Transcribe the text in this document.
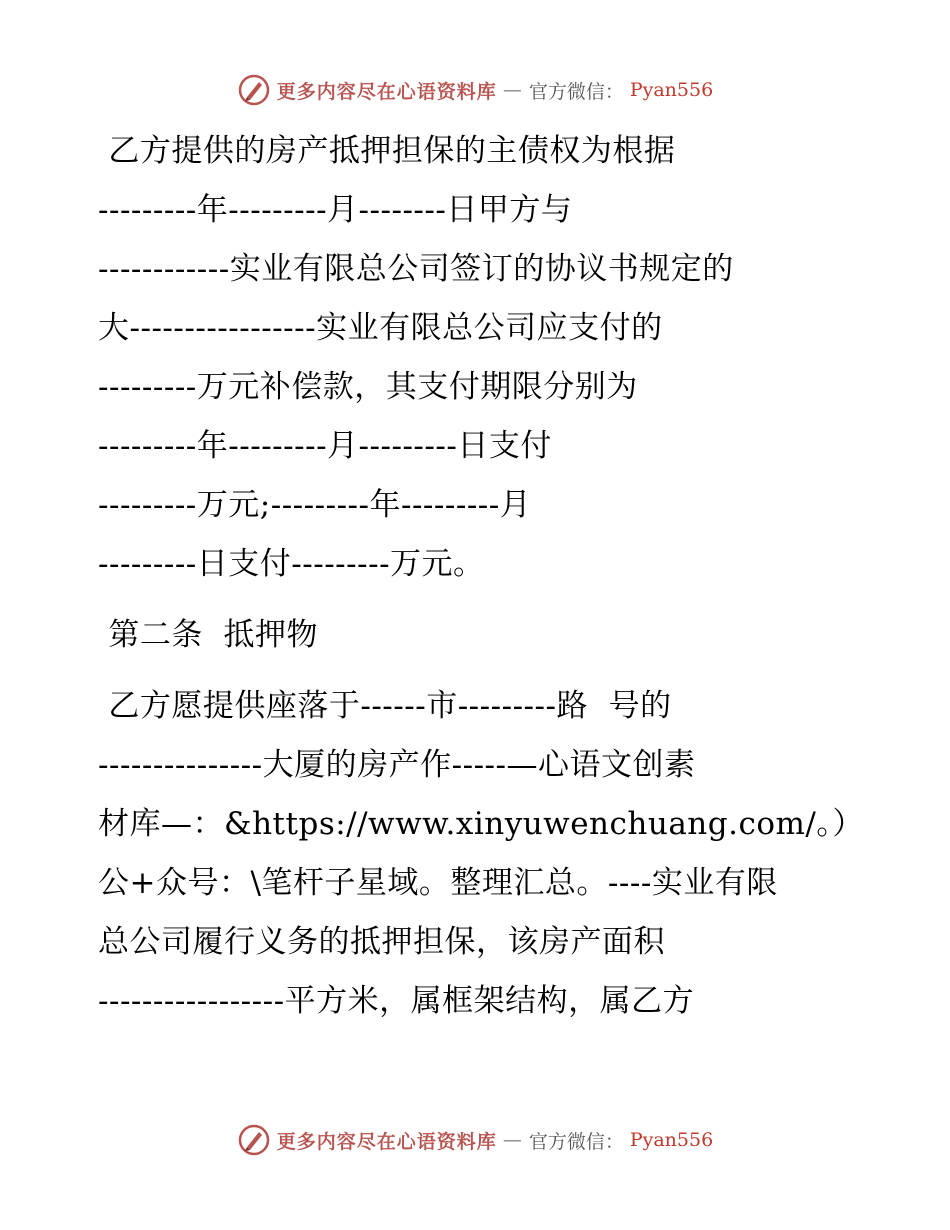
更多内容尽在心语资料库 — 官方微信： Pyan556
乙方提供的房产抵押担保的主债权为根据
---------年---------月--------日甲方与
------------实业有限总公司签订的协议书规定的
大-----------------实业有限总公司应支付的
---------万元补偿款，其支付期限分别为
---------年---------月---------日支付
---------万元;---------年---------月
---------日支付---------万元。
第二条  抵押物
乙方愿提供座落于------市---------路  号的
---------------大厦的房产作-----—心语文创素
材库—：&https://www.xinyuwenchuang.com/。）
公+众号：\笔杆子星域。整理汇总。----实业有限
总公司履行义务的抵押担保，该房产面积
-----------------平方米，属框架结构，属乙方
更多内容尽在心语资料库 — 官方微信： Pyan556
